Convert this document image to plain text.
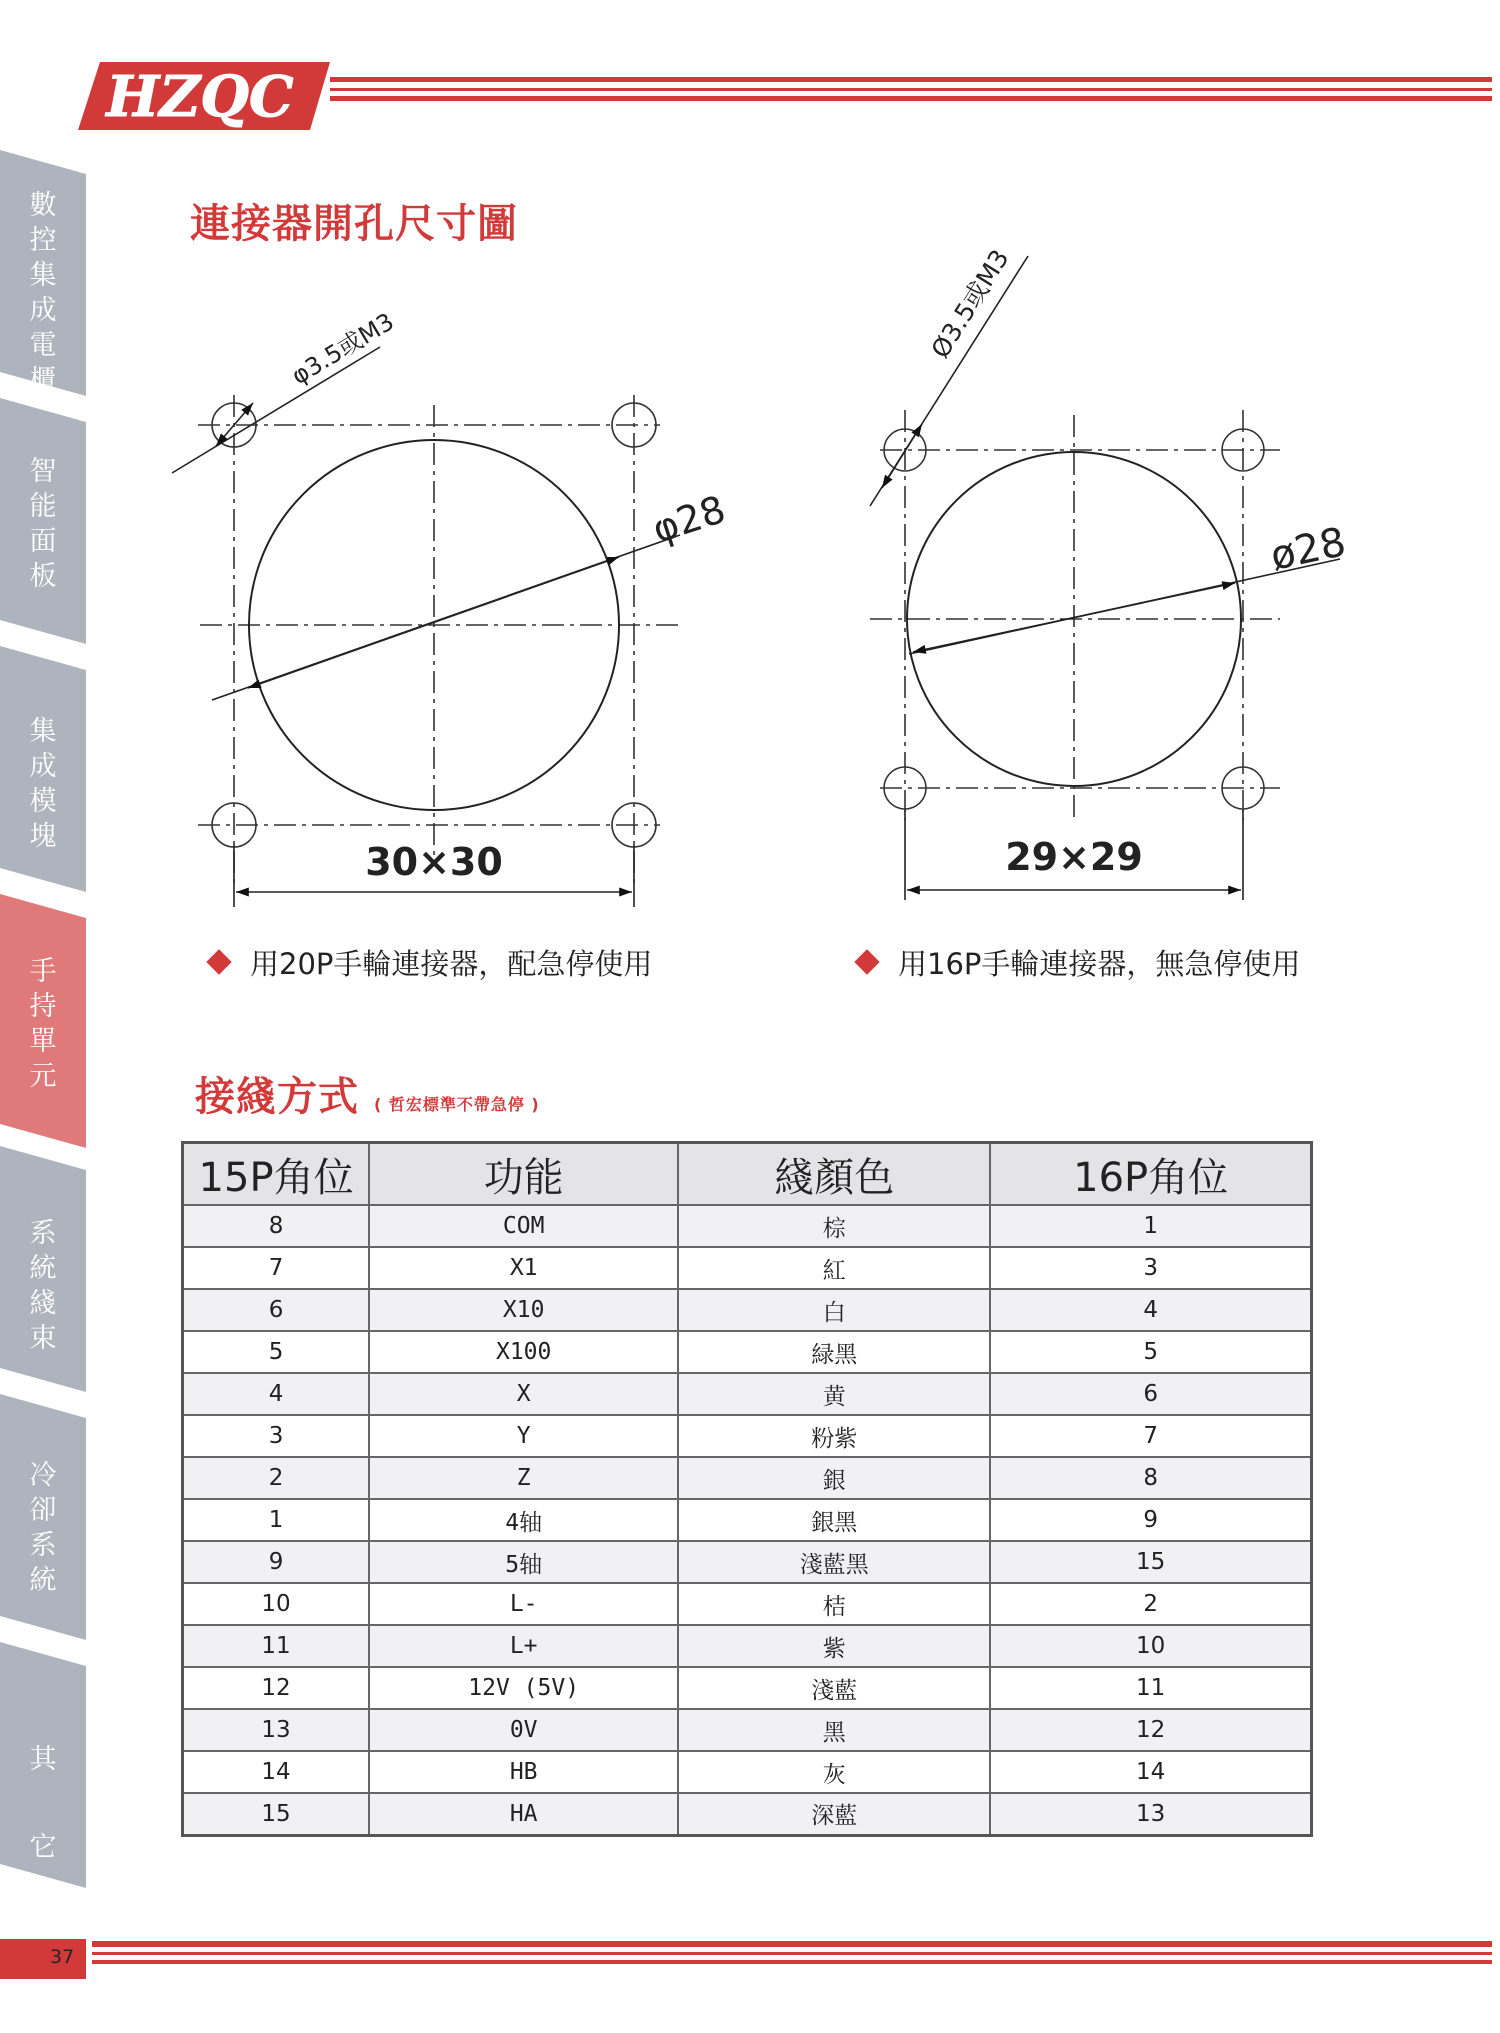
HZQC
數控集成電櫃
智能面板
集成模塊
手持單元
系統綫束
冷卻系統
其它
連接器開孔尺寸圖
φ3.5或M3
φ28
30×30
Ø3.5或M3
ø28
29×29
用20P手輪連接器，配急停使用	用16P手輪連接器，無急停使用
接綫方式 ( 哲宏標準不帶急停 )
15P角位	功能	綫顏色	16P角位
8	COM	棕	1
7	X1	紅	3
6	X10	白	4
5	X100	緑黑	5
4	X	黄	6
3	Y	粉紫	7
2	Z	銀	8
1	4轴	銀黑	9
9	5轴	淺藍黑	15
10	L-	桔	2
11	L+	紫	10
12	12V (5V)	淺藍	11
13	0V	黑	12
14	HB	灰	14
15	HA	深藍	13
37
